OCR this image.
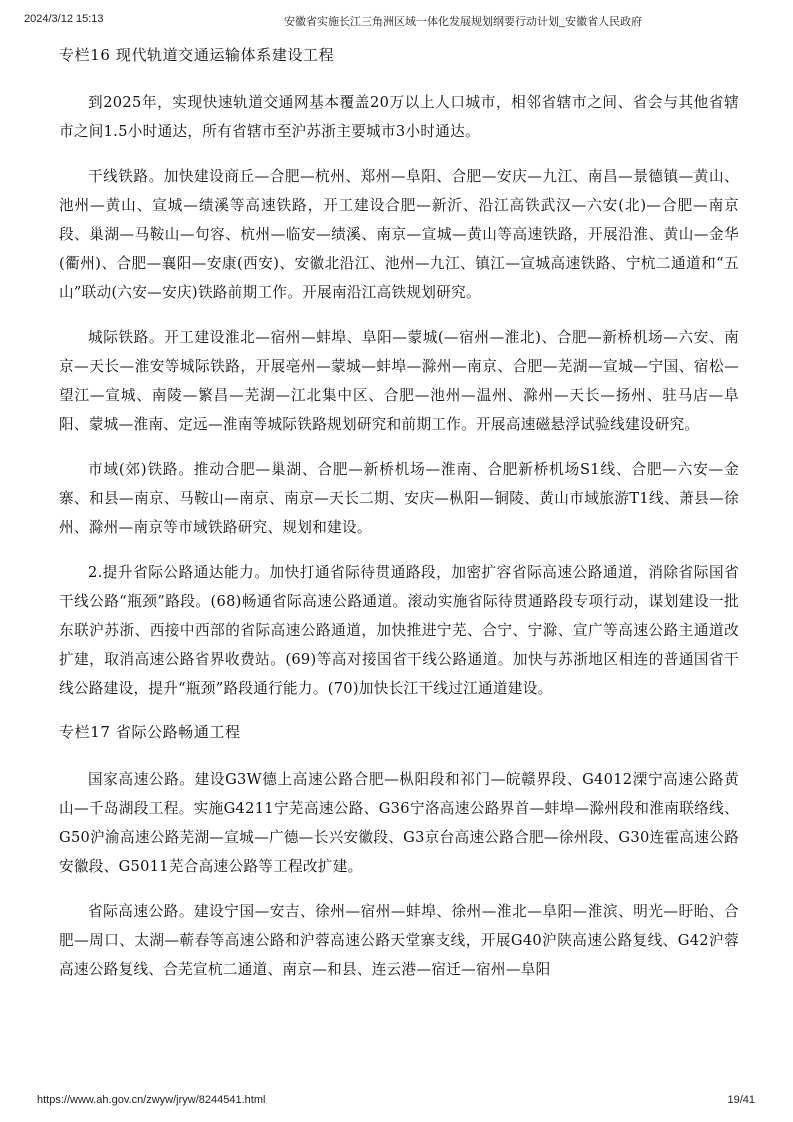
2024/3/12 15:13	安徽省实施长江三角洲区域一体化发展规划纲要行动计划_安徽省人民政府

专栏16 现代轨道交通运输体系建设工程

到2025年，实现快速轨道交通网基本覆盖20万以上人口城市，相邻省辖市之间、省会与其他省辖市之间1.5小时通达，所有省辖市至沪苏浙主要城市3小时通达。

干线铁路。加快建设商丘—合肥—杭州、郑州—阜阳、合肥—安庆—九江、南昌—景德镇—黄山、池州—黄山、宣城—绩溪等高速铁路，开工建设合肥—新沂、沿江高铁武汉—六安(北)—合肥—南京段、巢湖—马鞍山—句容、杭州—临安—绩溪、南京—宣城—黄山等高速铁路，开展沿淮、黄山—金华(衢州)、合肥—襄阳—安康(西安)、安徽北沿江、池州—九江、镇江—宣城高速铁路、宁杭二通道和“五山”联动(六安—安庆)铁路前期工作。开展南沿江高铁规划研究。

城际铁路。开工建设淮北—宿州—蚌埠、阜阳—蒙城(—宿州—淮北)、合肥—新桥机场—六安、南京—天长—淮安等城际铁路，开展亳州—蒙城—蚌埠—滁州—南京、合肥—芜湖—宣城—宁国、宿松—望江—宣城、南陵—繁昌—芜湖—江北集中区、合肥—池州—温州、滁州—天长—扬州、驻马店—阜阳、蒙城—淮南、定远—淮南等城际铁路规划研究和前期工作。开展高速磁悬浮试验线建设研究。

市域(郊)铁路。推动合肥—巢湖、合肥—新桥机场—淮南、合肥新桥机场S1线、合肥—六安—金寨、和县—南京、马鞍山—南京、南京—天长二期、安庆—枞阳—铜陵、黄山市域旅游T1线、萧县—徐州、滁州—南京等市域铁路研究、规划和建设。

2.提升省际公路通达能力。加快打通省际待贯通路段，加密扩容省际高速公路通道，消除省际国省干线公路“瓶颈”路段。(68)畅通省际高速公路通道。滚动实施省际待贯通路段专项行动，谋划建设一批东联沪苏浙、西接中西部的省际高速公路通道，加快推进宁芜、合宁、宁滁、宣广等高速公路主通道改扩建，取消高速公路省界收费站。(69)等高对接国省干线公路通道。加快与苏浙地区相连的普通国省干线公路建设，提升“瓶颈”路段通行能力。(70)加快长江干线过江通道建设。

专栏17 省际公路畅通工程

国家高速公路。建设G3W德上高速公路合肥—枞阳段和祁门—皖赣界段、G4012溧宁高速公路黄山—千岛湖段工程。实施G4211宁芜高速公路、G36宁洛高速公路界首—蚌埠—滁州段和淮南联络线、G50沪渝高速公路芜湖—宣城—广德—长兴安徽段、G3京台高速公路合肥—徐州段、G30连霍高速公路安徽段、G5011芜合高速公路等工程改扩建。

省际高速公路。建设宁国—安吉、徐州—宿州—蚌埠、徐州—淮北—阜阳—淮滨、明光—盱眙、合肥—周口、太湖—蕲春等高速公路和沪蓉高速公路天堂寨支线，开展G40沪陕高速公路复线、G42沪蓉高速公路复线、合芜宣杭二通道、南京—和县、连云港—宿迁—宿州—阜阳

https://www.ah.gov.cn/zwyw/jryw/8244541.html	19/41
